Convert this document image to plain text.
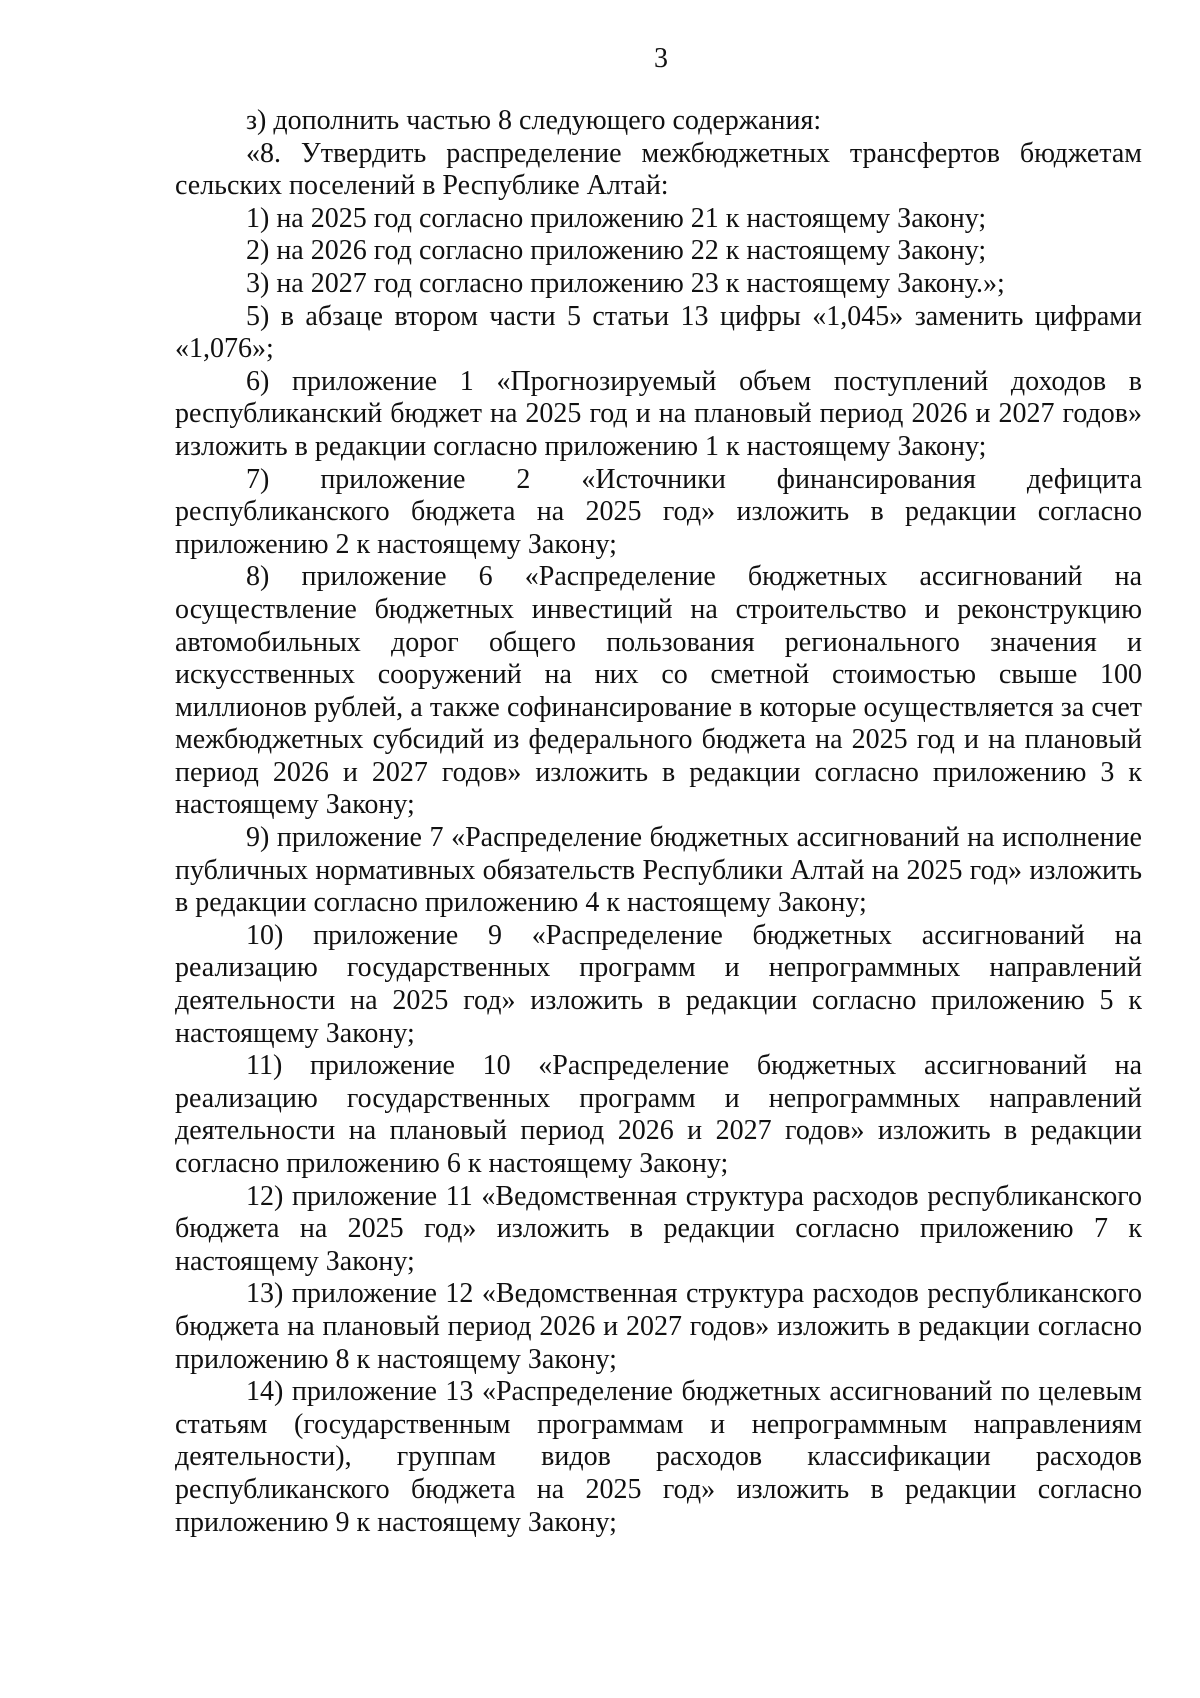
3

з) дополнить частью 8 следующего содержания:

«8. Утвердить распределение межбюджетных трансфертов бюджетам сельских поселений в Республике Алтай:

1) на 2025 год согласно приложению 21 к настоящему Закону;

2) на 2026 год согласно приложению 22 к настоящему Закону;

3) на 2027 год согласно приложению 23 к настоящему Закону.»;

5) в абзаце втором части 5 статьи 13 цифры «1,045» заменить цифрами «1,076»;

6) приложение 1 «Прогнозируемый объем поступлений доходов в республиканский бюджет на 2025 год и на плановый период 2026 и 2027 годов» изложить в редакции согласно приложению 1 к настоящему Закону;

7) приложение 2 «Источники финансирования дефицита республиканского бюджета на 2025 год» изложить в редакции согласно приложению 2 к настоящему Закону;

8) приложение 6 «Распределение бюджетных ассигнований на осуществление бюджетных инвестиций на строительство и реконструкцию автомобильных дорог общего пользования регионального значения и искусственных сооружений на них со сметной стоимостью свыше 100 миллионов рублей, а также софинансирование в которые осуществляется за счет межбюджетных субсидий из федерального бюджета на 2025 год и на плановый период 2026 и 2027 годов» изложить в редакции согласно приложению 3 к настоящему Закону;

9) приложение 7 «Распределение бюджетных ассигнований на исполнение публичных нормативных обязательств Республики Алтай на 2025 год» изложить в редакции согласно приложению 4 к настоящему Закону;

10) приложение 9 «Распределение бюджетных ассигнований на реализацию государственных программ и непрограммных направлений деятельности на 2025 год» изложить в редакции согласно приложению 5 к настоящему Закону;

11) приложение 10 «Распределение бюджетных ассигнований на реализацию государственных программ и непрограммных направлений деятельности на плановый период 2026 и 2027 годов» изложить в редакции согласно приложению 6 к настоящему Закону;

12) приложение 11 «Ведомственная структура расходов республиканского бюджета на 2025 год» изложить в редакции согласно приложению 7 к настоящему Закону;

13) приложение 12 «Ведомственная структура расходов республиканского бюджета на плановый период 2026 и 2027 годов» изложить в редакции согласно приложению 8 к настоящему Закону;

14) приложение 13 «Распределение бюджетных ассигнований по целевым статьям (государственным программам и непрограммным направлениям деятельности), группам видов расходов классификации расходов республиканского бюджета на 2025 год» изложить в редакции согласно приложению 9 к настоящему Закону;
